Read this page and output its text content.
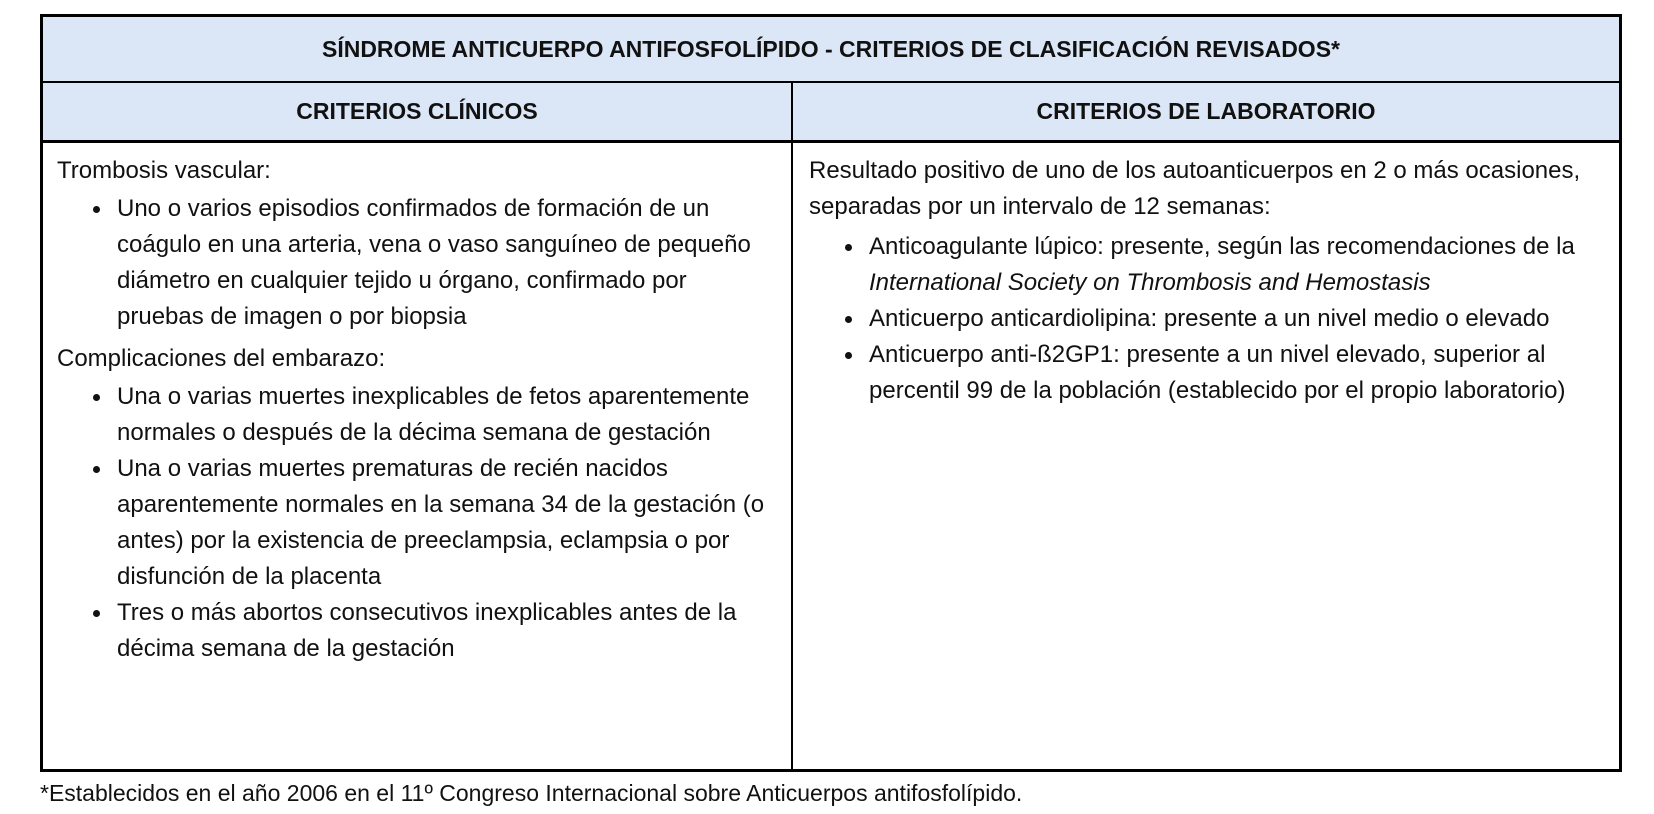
SÍNDROME ANTICUERPO ANTIFOSFOLÍPIDO - CRITERIOS DE CLASIFICACIÓN REVISADOS*
CRITERIOS CLÍNICOS	CRITERIOS DE LABORATORIO

Trombosis vascular:

• Uno o varios episodios confirmados de formación de un coágulo en una arteria, vena o vaso sanguíneo de pequeño diámetro en cualquier tejido u órgano, confirmado por pruebas de imagen o por biopsia

Complicaciones del embarazo:

• Una o varias muertes inexplicables de fetos aparentemente normales o después de la décima semana de gestación
• Una o varias muertes prematuras de recién nacidos aparentemente normales en la semana 34 de la gestación (o antes) por la existencia de preeclampsia, eclampsia o por disfunción de la placenta
• Tres o más abortos consecutivos inexplicables antes de la décima semana de la gestación

Resultado positivo de uno de los autoanticuerpos en 2 o más ocasiones, separadas por un intervalo de 12 semanas:

• Anticoagulante lúpico: presente, según las recomendaciones de la International Society on Thrombosis and Hemostasis
• Anticuerpo anticardiolipina: presente a un nivel medio o elevado
• Anticuerpo anti-ß2GP1: presente a un nivel elevado, superior al percentil 99 de la población (establecido por el propio laboratorio)
*Establecidos en el año 2006 en el 11º Congreso Internacional sobre Anticuerpos antifosfolípido.
